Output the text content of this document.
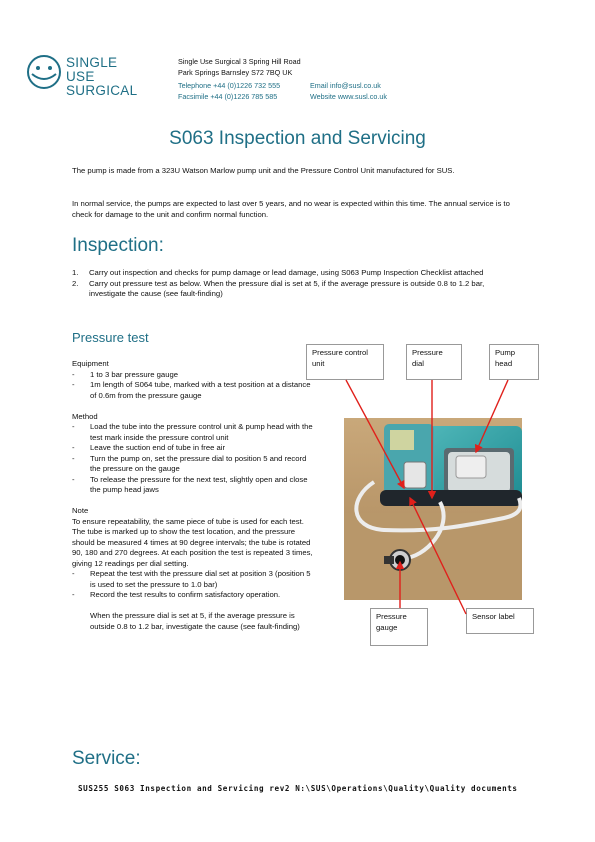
SINGLE
USE
SURGICAL
Single Use Surgical 3 Spring Hill Road
Park Springs Barnsley S72 7BQ UK
Telephone +44 (0)1226 732 555
Facsimile +44 (0)1226 785 585
Email info@susl.co.uk
Website www.susl.co.uk
S063 Inspection and Servicing
The pump is made from a 323U Watson Marlow pump unit and the Pressure Control Unit manufactured for SUS.
In normal service, the pumps are expected to last over 5 years, and no wear is expected within this time. The annual service is to check for damage to the unit and confirm normal function.
Inspection:
1. Carry out inspection and checks for pump damage or lead damage, using S063 Pump Inspection Checklist attached
2. Carry out pressure test as below. When the pressure dial is set at 5, if the average pressure is outside 0.8 to 1.2 bar, investigate the cause (see fault-finding)
Pressure test
Equipment
- 1 to 3 bar pressure gauge
- 1m length of S064 tube, marked with a test position at a distance of 0.6m from the pressure gauge
Method
- Load the tube into the pressure control unit & pump head with the test mark inside the pressure control unit
- Leave the suction end of tube in free air
- Turn the pump on, set the pressure dial to position 5 and record the pressure on the gauge
- To release the pressure for the next test, slightly open and close the pump head jaws
Note
To ensure repeatability, the same piece of tube is used for each test. The tube is marked up to show the test location, and the pressure should be measured 4 times at 90 degree intervals; the tube is rotated 90, 180 and 270 degrees. At each position the test is repeated 3 times, giving 12 readings per dial setting.
- Repeat the test with the pressure dial set at position 3 (position 5 is used to set the pressure to 1.0 bar)
- Record the test results to confirm satisfactory operation.
When the pressure dial is set at 5, if the average pressure is outside 0.8 to 1.2 bar, investigate the cause (see fault-finding)
Pressure control unit
Pressure dial
Pump head
Pressure gauge
Sensor label
Service:
SUS255 S063 Inspection and Servicing rev2 N:\SUS\Operations\Quality\Quality documents
